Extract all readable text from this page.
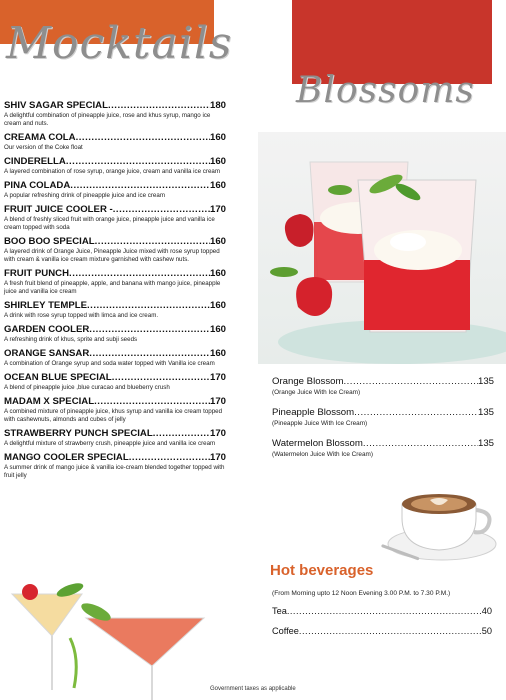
Mocktails
Blossoms
SHIV SAGAR SPECIAL .....	180
A delightful combination of pineapple juice, rose and khus syrup, mango ice cream and nuts.
CREAMA COLA .....	160
Our version of the Coke float
CINDERELLA .....	160
A layered combination of rose syrup, orange juice, cream and vanilla ice cream
PINA COLADA .....	160
A popular refreshing drink of pineapple juice and ice cream
FRUIT JUICE COOLER - .....	170
A blend of freshly sliced fruit with orange juice, pineapple juice and vanilla ice cream topped with soda
BOO BOO SPECIAL .....	160
A layered drink of Orange Juice, Pineapple Juice mixed with rose syrup topped with cream & vanilla ice cream mixture garnished with cashew nuts.
FRUIT PUNCH .....	160
A fresh fruit blend of pineapple, apple, and banana with mango juice, pineapple juice and vanilla ice cream
SHIRLEY TEMPLE .....	160
A drink with rose syrup topped with limca and ice cream.
GARDEN COOLER .....	160
A refreshing drink of khus, sprite and subji seeds
ORANGE SANSAR .....	160
A combination of Orange syrup and soda water topped with Vanilla ice cream
OCEAN BLUE SPECIAL .....	170
A blend of pineapple juice ,blue curacao and blueberry crush
MADAM X SPECIAL .....	170
A combined mixture of pineapple juice, khus syrup and vanilla ice cream topped with cashewnuts, almonds and cubes of jelly
STRAWBERRY PUNCH SPECIAL .....	170
A delightful mixture of strawberry crush, pineapple juice and vanilla ice cream
MANGO COOLER SPECIAL .....	170
A summer drink of mango juice & vanilla ice-cream blended together topped with fruit jelly
Orange Blossom .....	135
(Orange Juice With Ice Cream)
Pineapple Blossom .....	135
(Pineapple Juice With Ice Cream)
Watermelon Blossom .....	135
(Watermelon Juice With Ice Cream)
Hot beverages
(From Morning upto 12 Noon Evening 3.00 P.M. to 7.30 P.M.)
Tea .....	40
Coffee .....	50
Government taxes as applicable
